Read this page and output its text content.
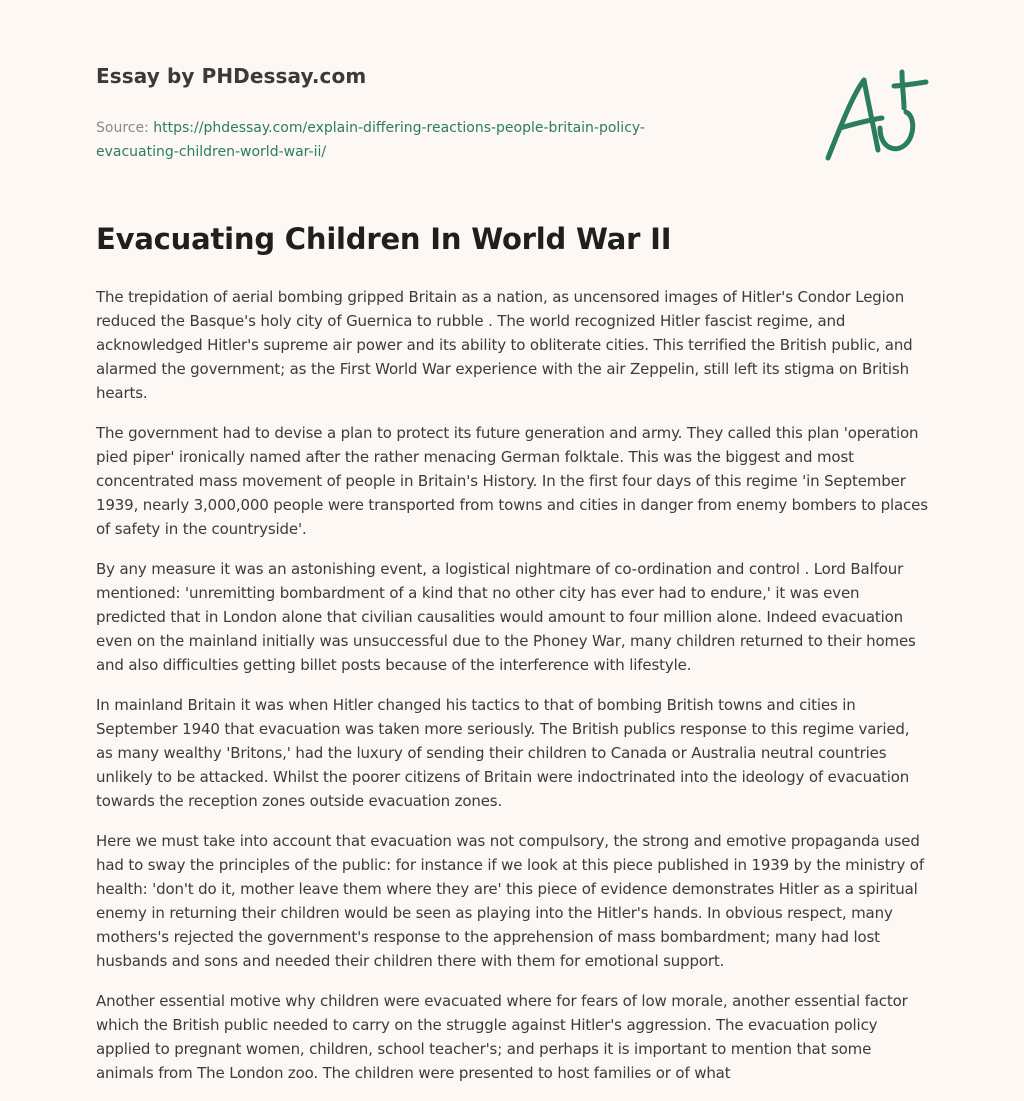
Essay by PHDessay.com
Source: https://phdessay.com/explain-differing-reactions-people-britain-policy-
evacuating-children-world-war-ii/
Evacuating Children In World War II

The trepidation of aerial bombing gripped Britain as a nation, as uncensored images of Hitler's Condor Legion reduced the Basque's holy city of Guernica to rubble . The world recognized Hitler fascist regime, and acknowledged Hitler's supreme air power and its ability to obliterate cities. This terrified the British public, and alarmed the government; as the First World War experience with the air Zeppelin, still left its stigma on British hearts.

The government had to devise a plan to protect its future generation and army. They called this plan 'operation pied piper' ironically named after the rather menacing German folktale. This was the biggest and most concentrated mass movement of people in Britain's History. In the first four days of this regime 'in September 1939, nearly 3,000,000 people were transported from towns and cities in danger from enemy bombers to places of safety in the countryside'.

By any measure it was an astonishing event, a logistical nightmare of co-ordination and control . Lord Balfour mentioned: 'unremitting bombardment of a kind that no other city has ever had to endure,' it was even predicted that in London alone that civilian causalities would amount to four million alone. Indeed evacuation even on the mainland initially was unsuccessful due to the Phoney War, many children returned to their homes and also difficulties getting billet posts because of the interference with lifestyle.

In mainland Britain it was when Hitler changed his tactics to that of bombing British towns and cities in September 1940 that evacuation was taken more seriously. The British publics response to this regime varied, as many wealthy 'Britons,' had the luxury of sending their children to Canada or Australia neutral countries unlikely to be attacked. Whilst the poorer citizens of Britain were indoctrinated into the ideology of evacuation towards the reception zones outside evacuation zones.

Here we must take into account that evacuation was not compulsory, the strong and emotive propaganda used had to sway the principles of the public: for instance if we look at this piece published in 1939 by the ministry of health: 'don't do it, mother leave them where they are' this piece of evidence demonstrates Hitler as a spiritual enemy in returning their children would be seen as playing into the Hitler's hands. In obvious respect, many mothers's rejected the government's response to the apprehension of mass bombardment; many had lost husbands and sons and needed their children there with them for emotional support.

Another essential motive why children were evacuated where for fears of low morale, another essential factor which the British public needed to carry on the struggle against Hitler's aggression. The evacuation policy applied to pregnant women, children, school teacher's; and perhaps it is important to mention that some animals from The London zoo. The children were presented to host families or of what
